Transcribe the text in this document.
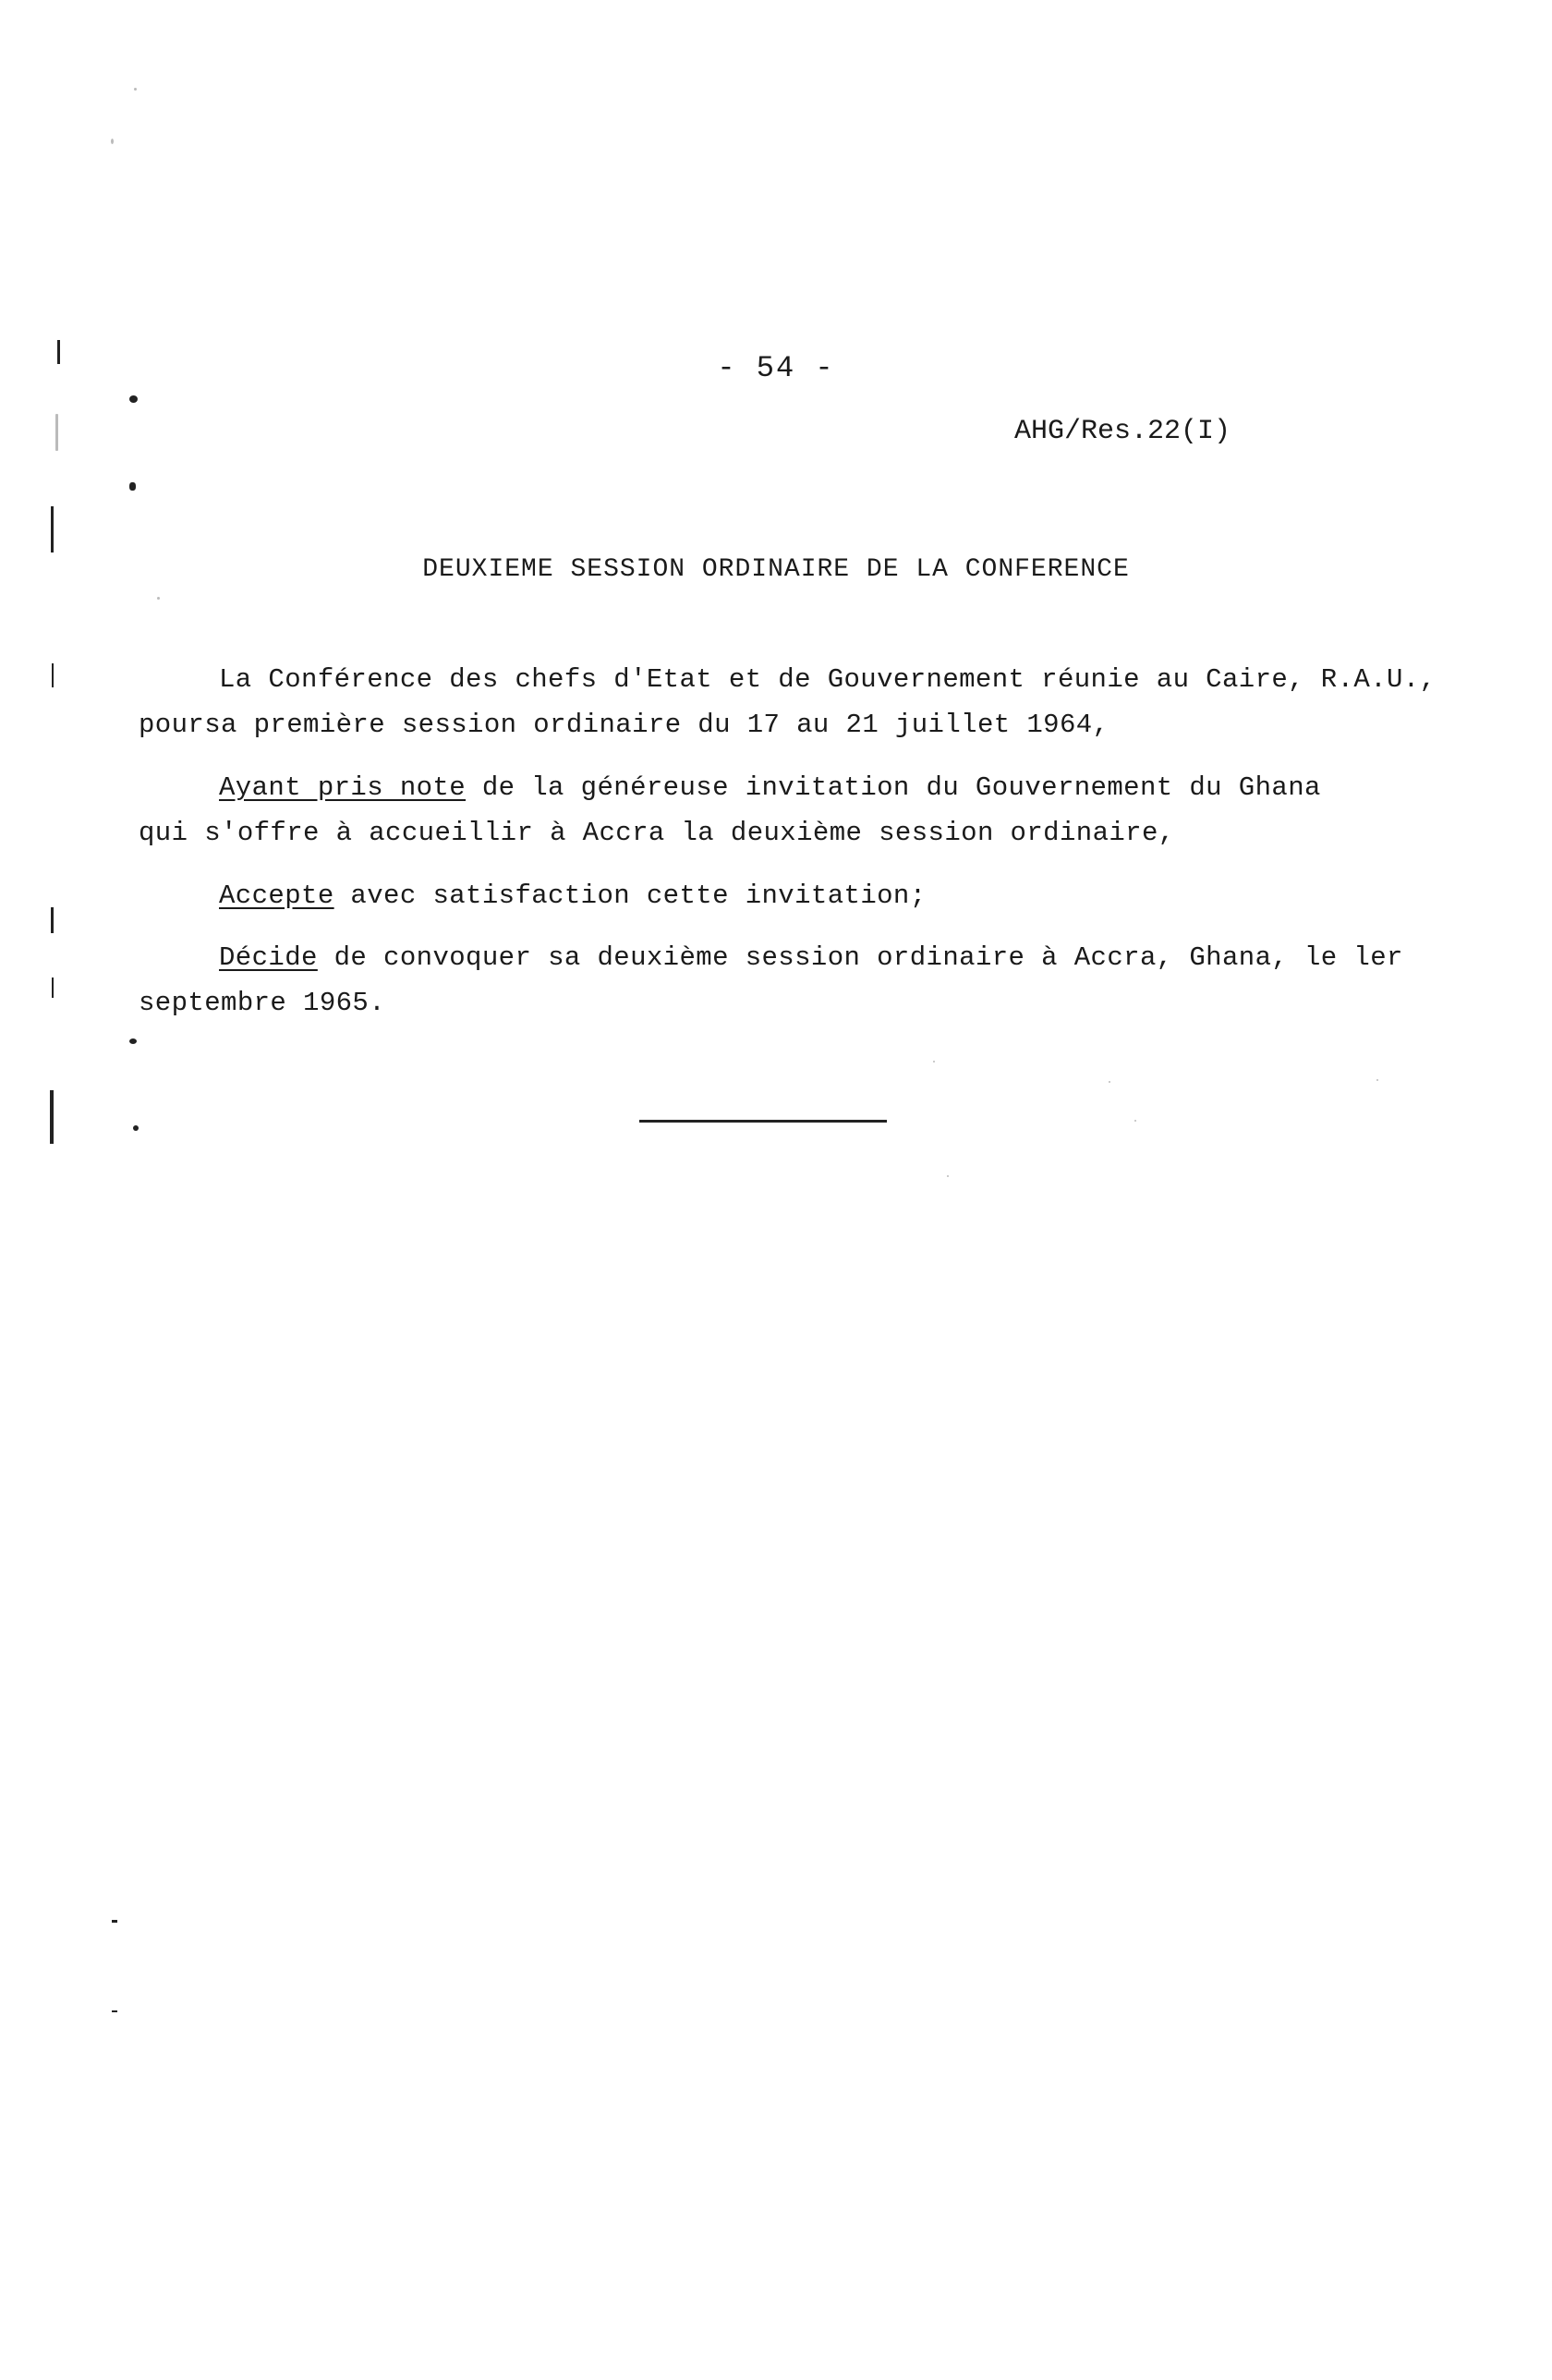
- 54 -
AHG/Res.22(I)
DEUXIEME SESSION ORDINAIRE DE LA CONFERENCE
La Conférence des chefs d'Etat et de Gouvernement réunie au Caire, R.A.U.,
poursa première session ordinaire du 17 au 21 juillet 1964,
Ayant pris note de la généreuse invitation du Gouvernement du Ghana
qui s'offre à accueillir à Accra la deuxième session ordinaire,
Accepte avec satisfaction cette invitation;
Décide de convoquer sa deuxième session ordinaire à Accra, Ghana, le ler
septembre 1965.
